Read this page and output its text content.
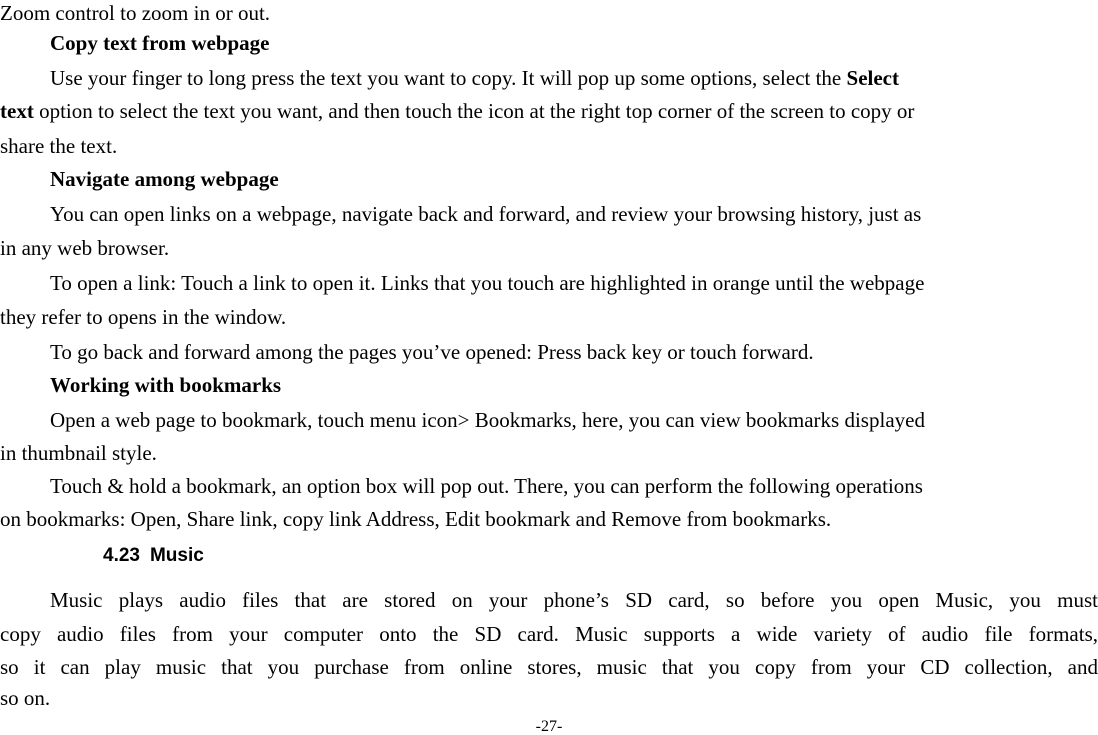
Zoom control to zoom in or out.
Copy text from webpage
Use your finger to long press the text you want to copy. It will pop up some options, select the Select
text option to select the text you want, and then touch the icon at the right top corner of the screen to copy or
share the text.
Navigate among webpage
You can open links on a webpage, navigate back and forward, and review your browsing history, just as
in any web browser.
To open a link: Touch a link to open it. Links that you touch are highlighted in orange until the webpage
they refer to opens in the window.
To go back and forward among the pages you’ve opened: Press back key or touch forward.
Working with bookmarks
Open a web page to bookmark, touch menu icon> Bookmarks, here, you can view bookmarks displayed
in thumbnail style.
Touch & hold a bookmark, an option box will pop out. There, you can perform the following operations
on bookmarks: Open, Share link, copy link Address, Edit bookmark and Remove from bookmarks.
4.23 Music
Music plays audio files that are stored on your phone’s SD card, so before you open Music, you must
copy audio files from your computer onto the SD card. Music supports a wide variety of audio file formats,
so it can play music that you purchase from online stores, music that you copy from your CD collection, and
so on.
-27-
